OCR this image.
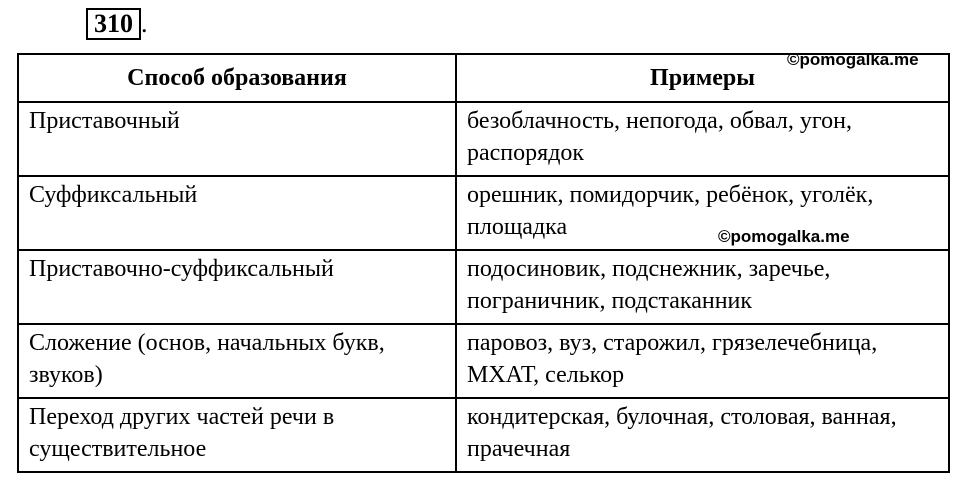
310 .
Способ образования	Примеры
Приставочный	безоблачность, непогода, обвал, угон, распорядок
Суффиксальный	орешник, помидорчик, ребёнок, уголёк, площадка
Приставочно-суффиксальный	подосиновик, подснежник, заречье, пограничник, подстаканник
Сложение (основ, начальных букв, звуков)	паровоз, вуз, старожил, грязелечебница, МХАТ, селькор
Переход других частей речи в существительное	кондитерская, булочная, столовая, ванная, прачечная
©pomogalka.me
©pomogalka.me
